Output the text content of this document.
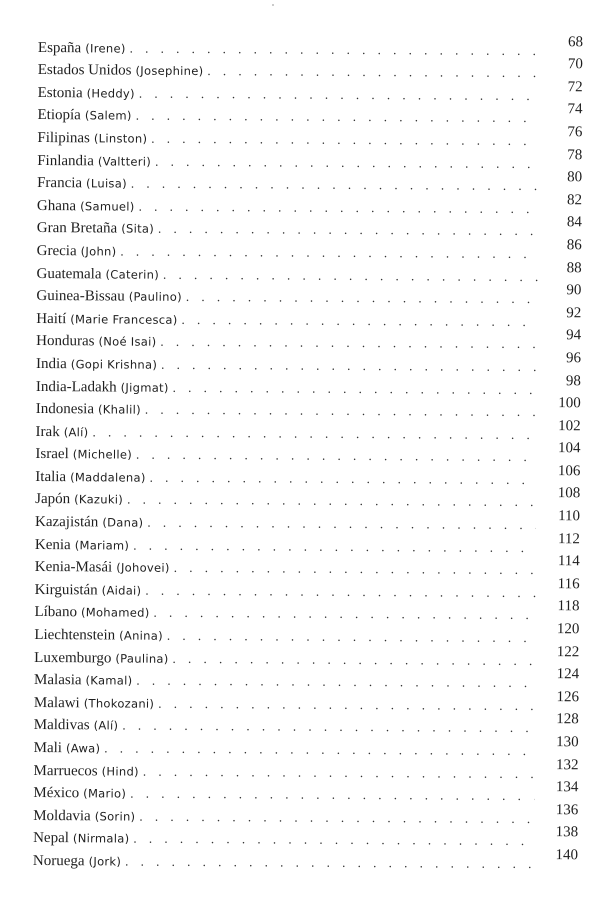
España (Irene) . . .	68
Estados Unidos (Josephine) . . .	70
Estonia (Heddy) . . .	72
Etiopía (Salem) . . .	74
Filipinas (Linston) . . .	76
Finlandia (Valtteri) . . .	78
Francia (Luisa) . . .	80
Ghana (Samuel) . . .	82
Gran Bretaña (Sita) . . .	84
Grecia (John) . . .	86
Guatemala (Caterin) . . .	88
Guinea-Bissau (Paulino) . . .	90
Haití (Marie Francesca) . . .	92
Honduras (Noé Isai) . . .	94
India (Gopi Krishna) . . .	96
India-Ladakh (Jigmat) . . .	98
Indonesia (Khalil) . . .	100
Irak (Alí) . . .	102
Israel (Michelle) . . .	104
Italia (Maddalena) . . .	106
Japón (Kazuki) . . .	108
Kazajistán (Dana) . . .	110
Kenia (Mariam) . . .	112
Kenia-Masái (Johovei) . . .	114
Kirguistán (Aidai) . . .	116
Líbano (Mohamed) . . .	118
Liechtenstein (Anina) . . .	120
Luxemburgo (Paulina) . . .	122
Malasia (Kamal) . . .	124
Malawi (Thokozani) . . .	126
Maldivas (Alí) . . .	128
Mali (Awa) . . .	130
Marruecos (Hind) . . .	132
México (Mario) . . .	134
Moldavia (Sorin) . . .	136
Nepal (Nirmala) . . .	138
Noruega (Jork) . . .	140
